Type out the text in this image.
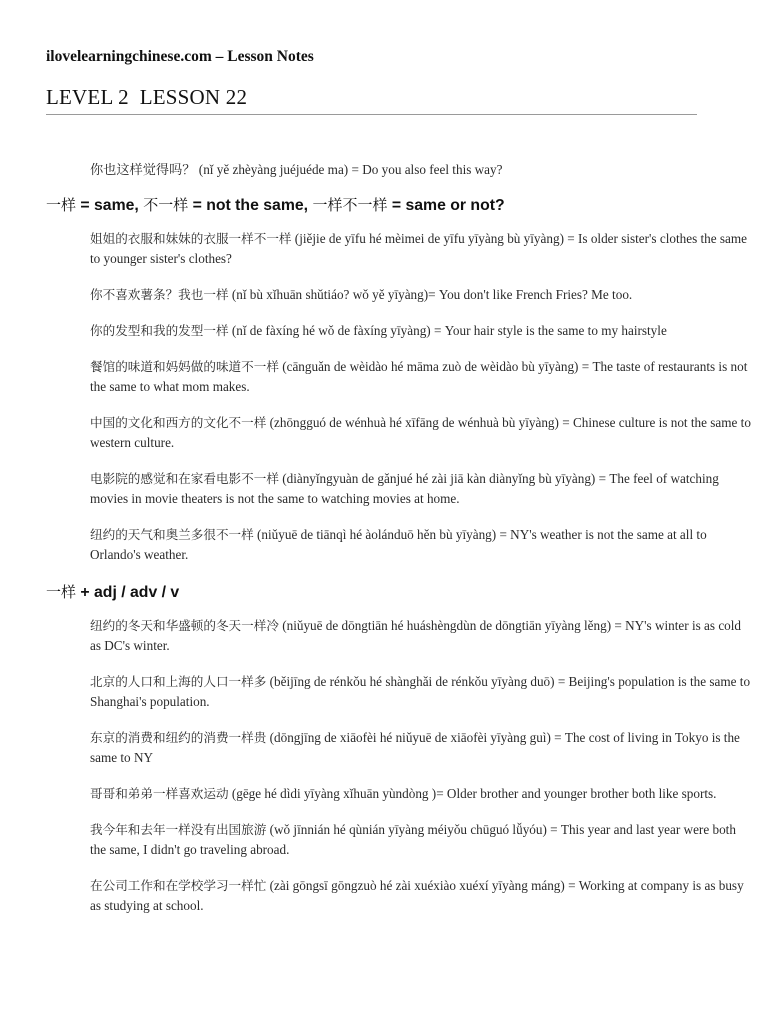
ilovelearningchinese.com – Lesson Notes
LEVEL 2  LESSON 22
你也这样觉得吗？ (nǐ yě zhèyàng juéjuéde ma) = Do you also feel this way?
一样 = same, 不一样 = not the same, 一样不一样 = same or not?
姐姐的衣服和妹妹的衣服一样不一样 (jiějie de yīfu hé mèimei de yīfu yīyàng bù yīyàng) = Is older sister's clothes the same to younger sister's clothes?
你不喜欢薯条？我也一样 (nǐ bù xǐhuān shǔtiáo? wǒ yě yīyàng)= You don't like French Fries? Me too.
你的发型和我的发型一样 (nǐ de fàxíng hé wǒ de fàxíng yīyàng) = Your hair style is the same to my hairstyle
餐馆的味道和妈妈做的味道不一样 (cānguǎn de wèidào hé māma zuò de wèidào bù yīyàng) = The taste of restaurants is not the same to what mom makes.
中国的文化和西方的文化不一样 (zhōngguó de wénhuà hé xīfāng de wénhuà bù yīyàng) = Chinese culture is not the same to western culture.
电影院的感觉和在家看电影不一样 (diànyǐngyuàn de gǎnjué hé zài jiā kàn diànyǐng bù yīyàng) = The feel of watching movies in movie theaters is not the same to watching movies at home.
纽约的天气和奥兰多很不一样 (niǔyuē de tiānqì hé àolánduō hěn bù yīyàng) = NY's weather is not the same at all to Orlando's weather.
一样 + adj / adv / v
纽约的冬天和华盛顿的冬天一样冷 (niǔyuē de dōngtiān hé huáshèngdùn de dōngtiān yīyàng lěng) = NY's winter is as cold as DC's winter.
北京的人口和上海的人口一样多 (běijīng de rénkǒu hé shànghǎi de rénkǒu yīyàng duō) = Beijing's population is the same to Shanghai's population.
东京的消费和纽约的消费一样贵 (dōngjīng de xiāofèi hé niǔyuē de xiāofèi yīyàng guì) = The cost of living in Tokyo is the same to NY
哥哥和弟弟一样喜欢运动 (gēge hé dìdi yīyàng xǐhuān yùndòng )= Older brother and younger brother both like sports.
我今年和去年一样没有出国旅游 (wǒ jīnnián hé qùnián yīyàng méiyǒu chūguó lǚyóu) = This year and last year were both the same, I didn't go traveling abroad.
在公司工作和在学校学习一样忙 (zài gōngsī gōngzuò hé zài xuéxiào xuéxí yīyàng máng) = Working at company is as busy as studying at school.
